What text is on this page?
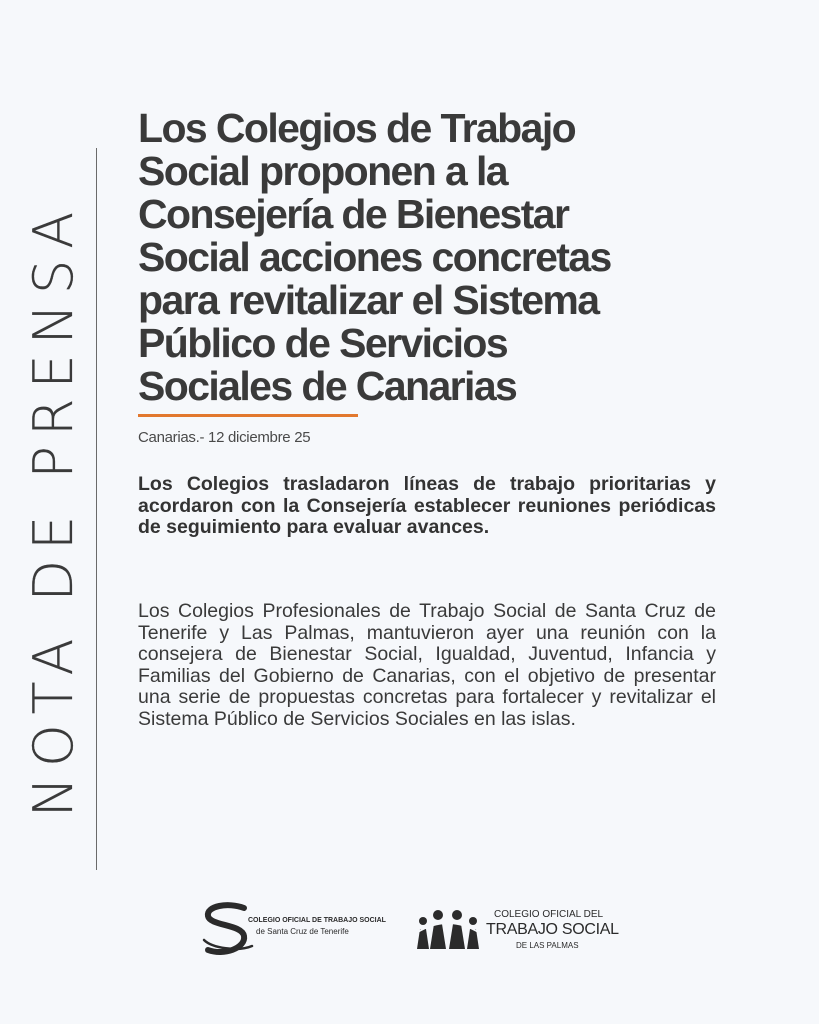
NOTA DE PRENSA
Los Colegios de Trabajo
Social proponen a la
Consejería de Bienestar
Social acciones concretas
para revitalizar el Sistema
Público de Servicios
Sociales de Canarias
Canarias.- 12 diciembre 25

Los Colegios trasladaron líneas de trabajo prioritarias y acordaron con la Consejería establecer reuniones periódicas de seguimiento para evaluar avances.

Los Colegios Profesionales de Trabajo Social de Santa Cruz de Tenerife y Las Palmas, mantuvieron ayer una reunión con la consejera de Bienestar Social, Igualdad, Juventud, Infancia y Familias del Gobierno de Canarias, con el objetivo de presentar una serie de propuestas concretas para fortalecer y revitalizar el Sistema Público de Servicios Sociales en las islas.

COLEGIO OFICIAL DE TRABAJO SOCIAL
de Santa Cruz de Tenerife
COLEGIO OFICIAL DEL
TRABAJO SOCIAL
DE LAS PALMAS
